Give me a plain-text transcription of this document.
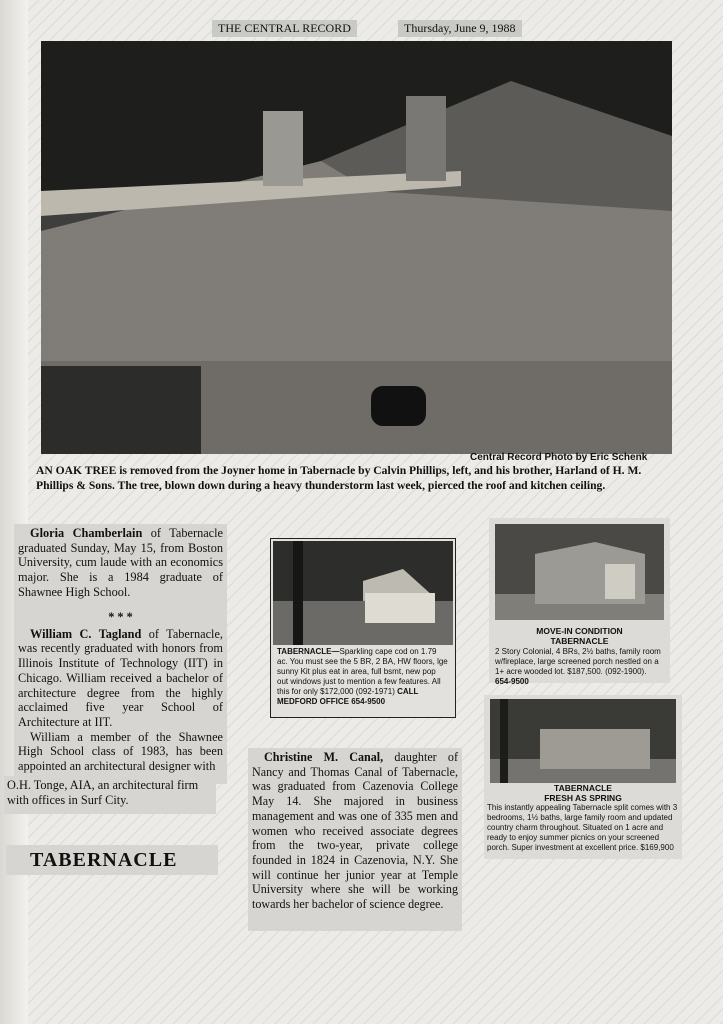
THE CENTRAL RECORD	Thursday, June 9, 1988
Central Record Photo by Eric Schenk
AN OAK TREE is removed from the Joyner home in Tabernacle by Calvin Phillips, left, and his brother, Harland of H. M. Phillips & Sons. The tree, blown down during a heavy thunderstorm last week, pierced the roof and kitchen ceiling.

Gloria Chamberlain of Tabernacle graduated Sunday, May 15, from Boston University, cum laude with an economics major. She is a 1984 graduate of Shawnee High School.

* * *

William C. Tagland of Tabernacle, was recently graduated with honors from Illinois Institute of Technology (IIT) in Chicago. William received a bachelor of architecture degree from the highly acclaimed five year School of Architecture at IIT.

William a member of the Shawnee High School class of 1983, has been appointed an architectural designer with

O.H. Tonge, AIA, an architectural firm with offices in Surf City.
TABERNACLE

Christine M. Canal, daughter of Nancy and Thomas Canal of Tabernacle, was graduated from Cazenovia College May 14. She majored in business management and was one of 335 men and women who received associate degrees from the two-year, private college founded in 1824 in Cazenovia, N.Y. She will continue her junior year at Temple University where she will be working towards her bachelor of science degree.

TABERNACLE—Sparkling cape cod on 1.79 ac. You must see the 5 BR, 2 BA, HW floors, lge sunny Kit plus eat in area, full bsmt, new pop out windows just to mention a few features. All this for only $172,000 (092-1971) CALL MEDFORD OFFICE 654-9500
MOVE-IN CONDITION
TABERNACLE
2 Story Colonial, 4 BRs, 2½ baths, family room w/fireplace, large screened porch nestled on a 1+ acre wooded lot. $187,500. (092-1900). 654-9500
TABERNACLE
FRESH AS SPRING
This instantly appealing Tabernacle split comes with 3 bedrooms, 1½ baths, large family room and updated country charm throughout. Situated on 1 acre and ready to enjoy summer picnics on your screened porch. Super investment at excellent price. $169,900
